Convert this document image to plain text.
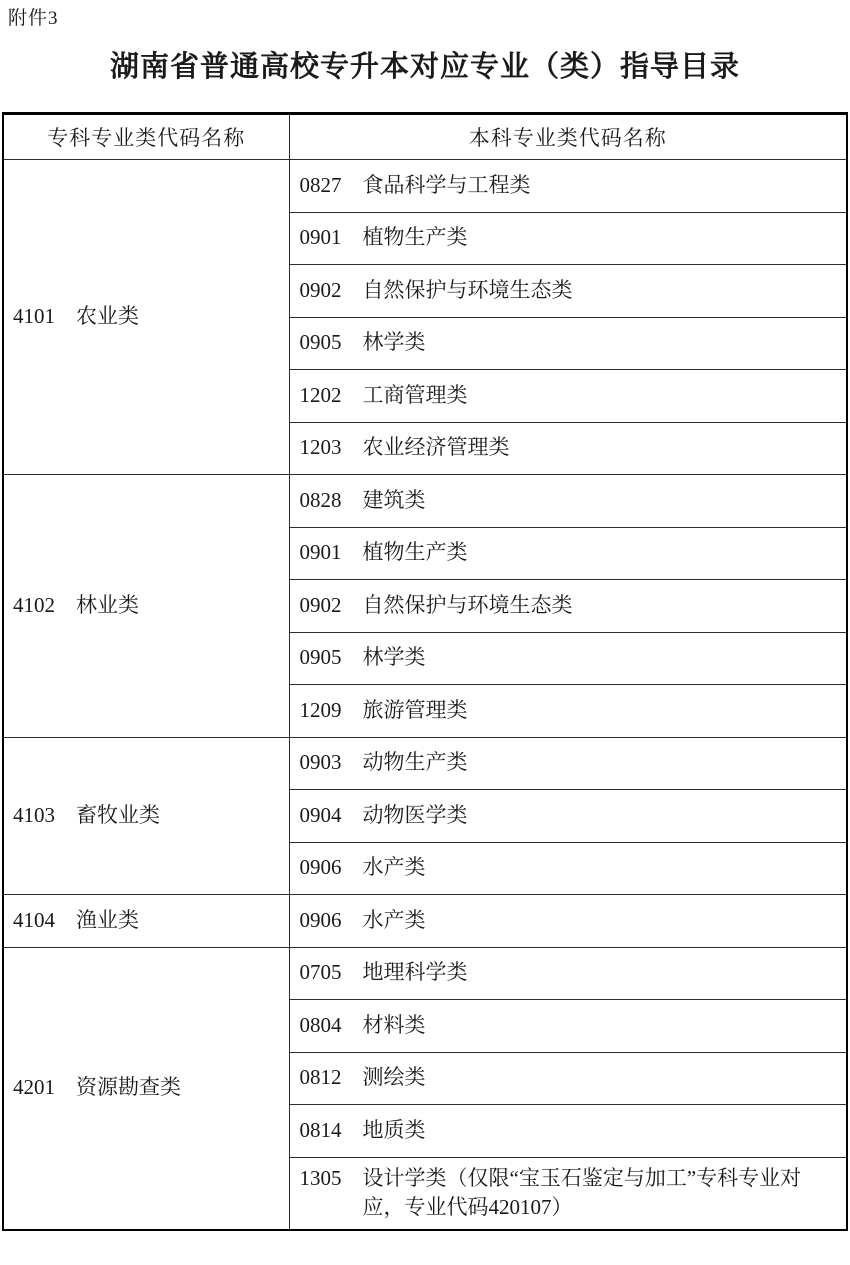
附件3
湖南省普通高校专升本对应专业（类）指导目录
专科专业类代码名称	本科专业类代码名称

4101 农业类	0827 食品科学与工程类

	0901 植物生产类

	0902 自然保护与环境生态类

	0905 林学类

	1202 工商管理类

	1203 农业经济管理类

4102 林业类	0828 建筑类

	0901 植物生产类

	0902 自然保护与环境生态类

	0905 林学类

	1209 旅游管理类

4103 畜牧业类	0903 动物生产类

	0904 动物医学类

	0906 水产类

4104 渔业类	0906 水产类

4201 资源勘查类	0705 地理科学类

	0804 材料类

	0812 测绘类

	0814 地质类

	1305 设计学类（仅限“宝玉石鉴定与加工”专科专业对应，专业代码420107）
